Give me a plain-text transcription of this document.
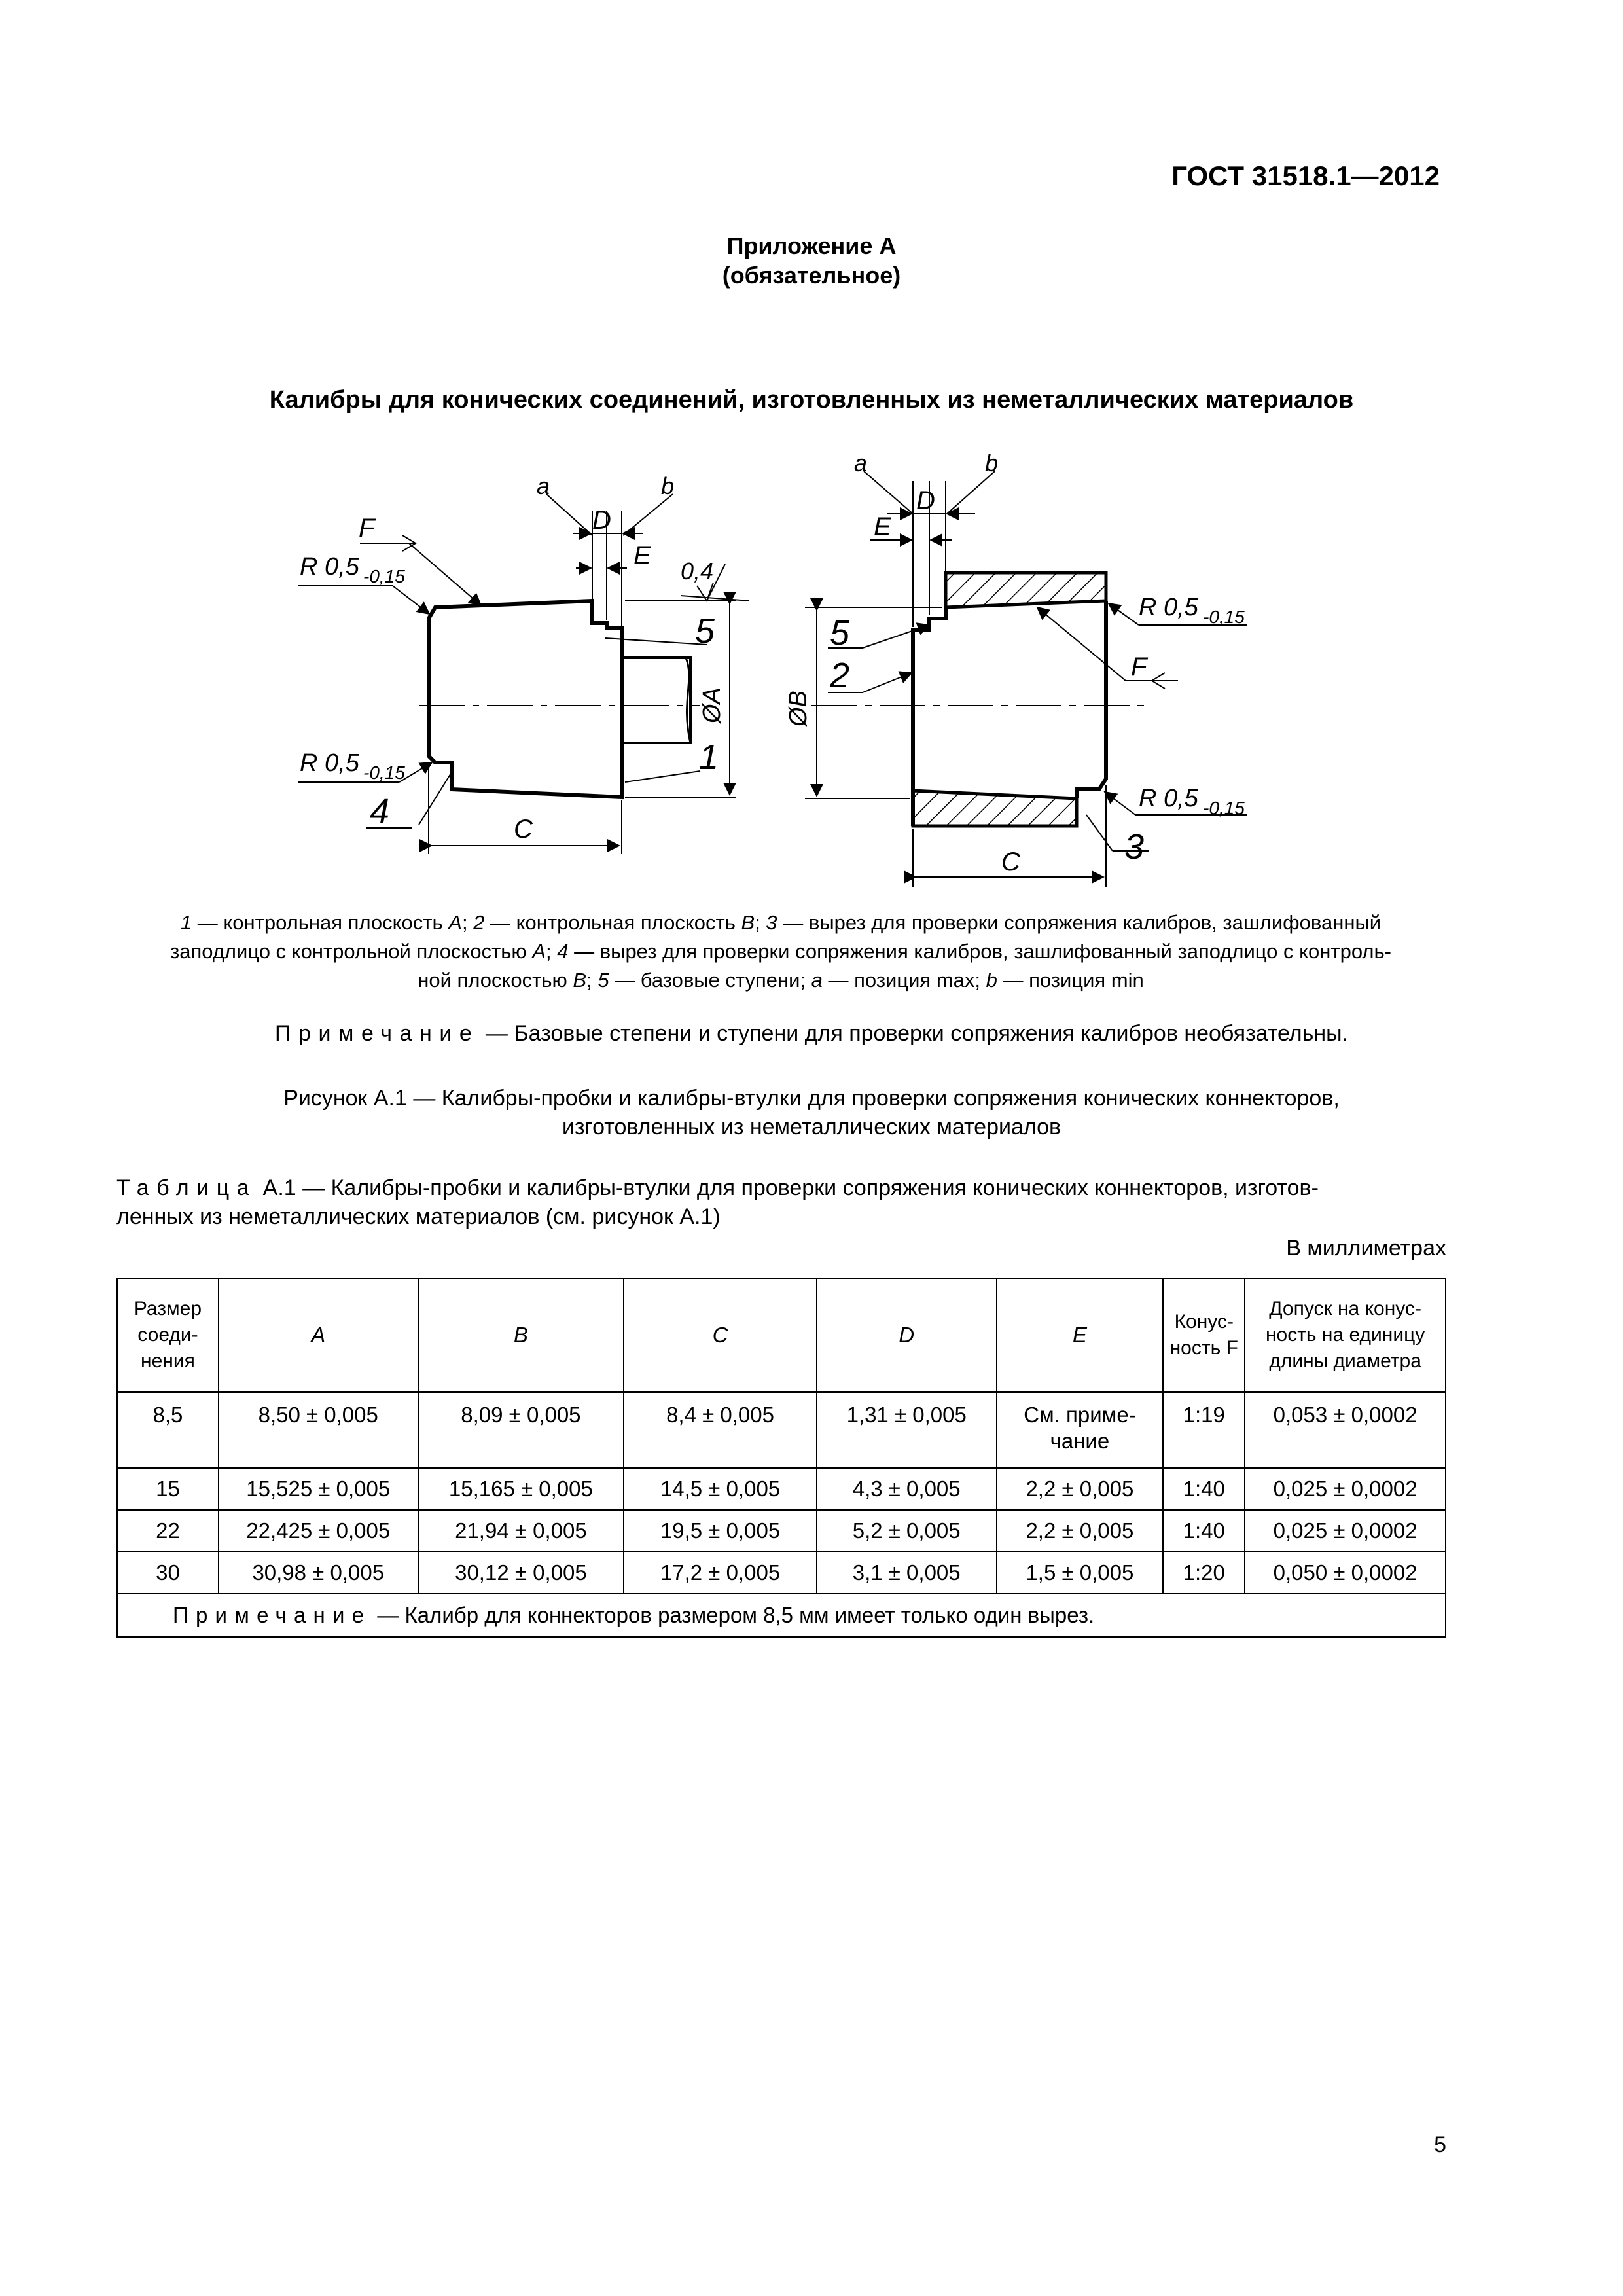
ГОСТ 31518.1—2012
Приложение А
(обязательное)
Калибры для конических соединений, изготовленных из неметаллических материалов
a	b
D
E
F
R 0,5 -0,15
R 0,5 -0,15
0,4
5
1
4
ØA
C
a	b
D
E
5
2
R 0,5 -0,15
F
R 0,5 -0,15
3
ØB
C
1 — контрольная плоскость A; 2 — контрольная плоскость B; 3 — вырез для проверки сопряжения калибров, зашлифованный
заподлицо с контрольной плоскостью A; 4 — вырез для проверки сопряжения калибров, зашлифованный заподлицо с контроль-
ной плоскостью B; 5 — базовые ступени; a — позиция max; b — позиция min
Примечание — Базовые степени и ступени для проверки сопряжения калибров необязательны.
Рисунок А.1 — Калибры-пробки и калибры-втулки для проверки сопряжения конических коннекторов,
изготовленных из неметаллических материалов
Таблица А.1 — Калибры-пробки и калибры-втулки для проверки сопряжения конических коннекторов, изготов-
ленных из неметаллических материалов (см. рисунок А.1)
В миллиметрах
Размер соеди- нения	A	B	C	D	E	Конус- ность F	Допуск на конус- ность на единицу длины диаметра
8,5	8,50 ± 0,005	8,09 ± 0,005	8,4 ± 0,005	1,31 ± 0,005	См. приме- чание	1:19	0,053 ± 0,0002
15	15,525 ± 0,005	15,165 ± 0,005	14,5 ± 0,005	4,3 ± 0,005	2,2 ± 0,005	1:40	0,025 ± 0,0002
22	22,425 ± 0,005	21,94 ± 0,005	19,5 ± 0,005	5,2 ± 0,005	2,2 ± 0,005	1:40	0,025 ± 0,0002
30	30,98 ± 0,005	30,12 ± 0,005	17,2 ± 0,005	3,1 ± 0,005	1,5 ± 0,005	1:20	0,050 ± 0,0002
Примечание — Калибр для коннекторов размером 8,5 мм имеет только один вырез.							
5
